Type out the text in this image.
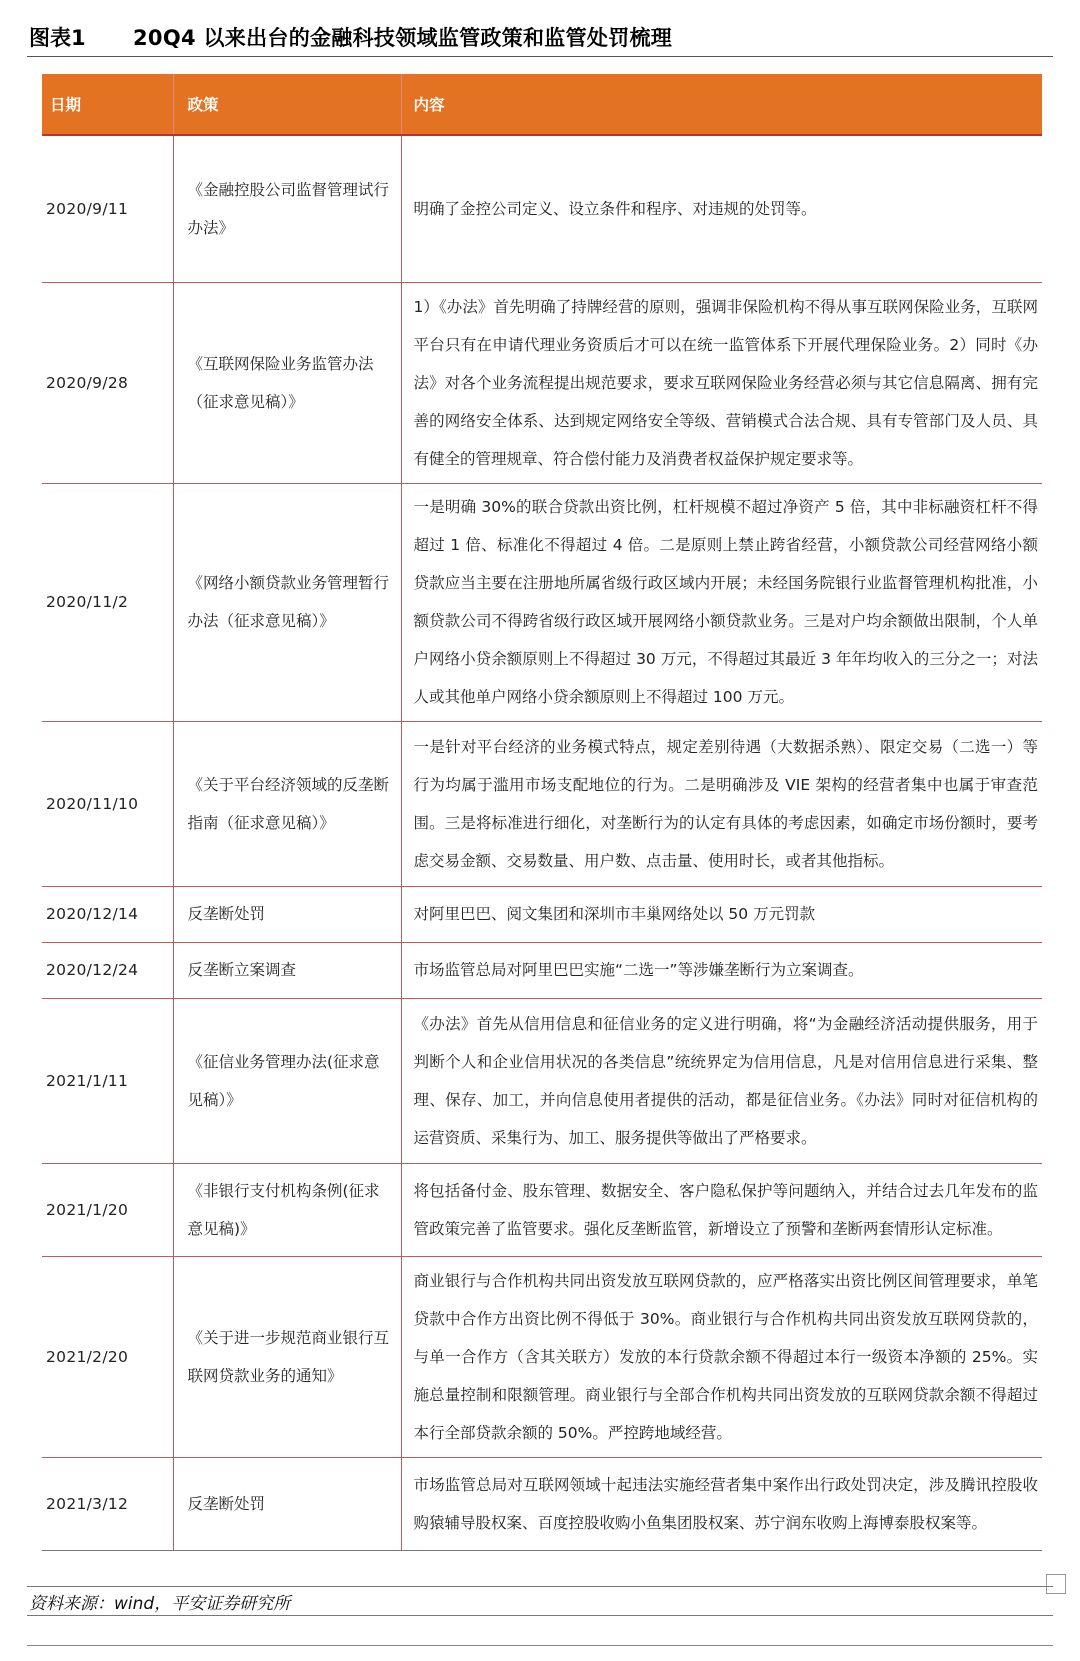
图表1	20Q4 以来出台的金融科技领域监管政策和监管处罚梳理
日期	政策	内容
2020/9/11	《金融控股公司监督管理试行办法》	明确了金控公司定义、设立条件和程序、对违规的处罚等。
2020/9/28	《互联网保险业务监管办法（征求意见稿）》	1）《办法》首先明确了持牌经营的原则，强调非保险机构不得从事互联网保险业务，互联网平台只有在申请代理业务资质后才可以在统一监管体系下开展代理保险业务。2）同时《办法》对各个业务流程提出规范要求，要求互联网保险业务经营必须与其它信息隔离、拥有完善的网络安全体系、达到规定网络安全等级、营销模式合法合规、具有专管部门及人员、具有健全的管理规章、符合偿付能力及消费者权益保护规定要求等。
2020/11/2	《网络小额贷款业务管理暂行办法（征求意见稿）》	一是明确 30%的联合贷款出资比例，杠杆规模不超过净资产 5 倍，其中非标融资杠杆不得超过 1 倍、标准化不得超过 4 倍。二是原则上禁止跨省经营，小额贷款公司经营网络小额贷款应当主要在注册地所属省级行政区域内开展；未经国务院银行业监督管理机构批准，小额贷款公司不得跨省级行政区域开展网络小额贷款业务。三是对户均余额做出限制，个人单户网络小贷余额原则上不得超过 30 万元，不得超过其最近 3 年年均收入的三分之一；对法人或其他单户网络小贷余额原则上不得超过 100 万元。
2020/11/10	《关于平台经济领域的反垄断指南（征求意见稿）》	一是针对平台经济的业务模式特点，规定差别待遇（大数据杀熟）、限定交易（二选一）等行为均属于滥用市场支配地位的行为。二是明确涉及 VIE 架构的经营者集中也属于审查范围。三是将标准进行细化，对垄断行为的认定有具体的考虑因素，如确定市场份额时，要考虑交易金额、交易数量、用户数、点击量、使用时长，或者其他指标。
2020/12/14	反垄断处罚	对阿里巴巴、阅文集团和深圳市丰巢网络处以 50 万元罚款
2020/12/24	反垄断立案调查	市场监管总局对阿里巴巴实施“二选一”等涉嫌垄断行为立案调查。
2021/1/11	《征信业务管理办法(征求意见稿）》	《办法》首先从信用信息和征信业务的定义进行明确，将“为金融经济活动提供服务，用于判断个人和企业信用状况的各类信息”统统界定为信用信息，凡是对信用信息进行采集、整理、保存、加工，并向信息使用者提供的活动，都是征信业务。《办法》同时对征信机构的运营资质、采集行为、加工、服务提供等做出了严格要求。
2021/1/20	《非银行支付机构条例(征求意见稿)》	将包括备付金、股东管理、数据安全、客户隐私保护等问题纳入，并结合过去几年发布的监管政策完善了监管要求。强化反垄断监管，新增设立了预警和垄断两套情形认定标准。
2021/2/20	《关于进一步规范商业银行互联网贷款业务的通知》	商业银行与合作机构共同出资发放互联网贷款的，应严格落实出资比例区间管理要求，单笔贷款中合作方出资比例不得低于 30%。商业银行与合作机构共同出资发放互联网贷款的，与单一合作方（含其关联方）发放的本行贷款余额不得超过本行一级资本净额的 25%。实施总量控制和限额管理。商业银行与全部合作机构共同出资发放的互联网贷款余额不得超过本行全部贷款余额的 50%。严控跨地域经营。
2021/3/12	反垄断处罚	市场监管总局对互联网领域十起违法实施经营者集中案作出行政处罚决定，涉及腾讯控股收购猿辅导股权案、百度控股收购小鱼集团股权案、苏宁润东收购上海博泰股权案等。
资料来源：wind，平安证券研究所
